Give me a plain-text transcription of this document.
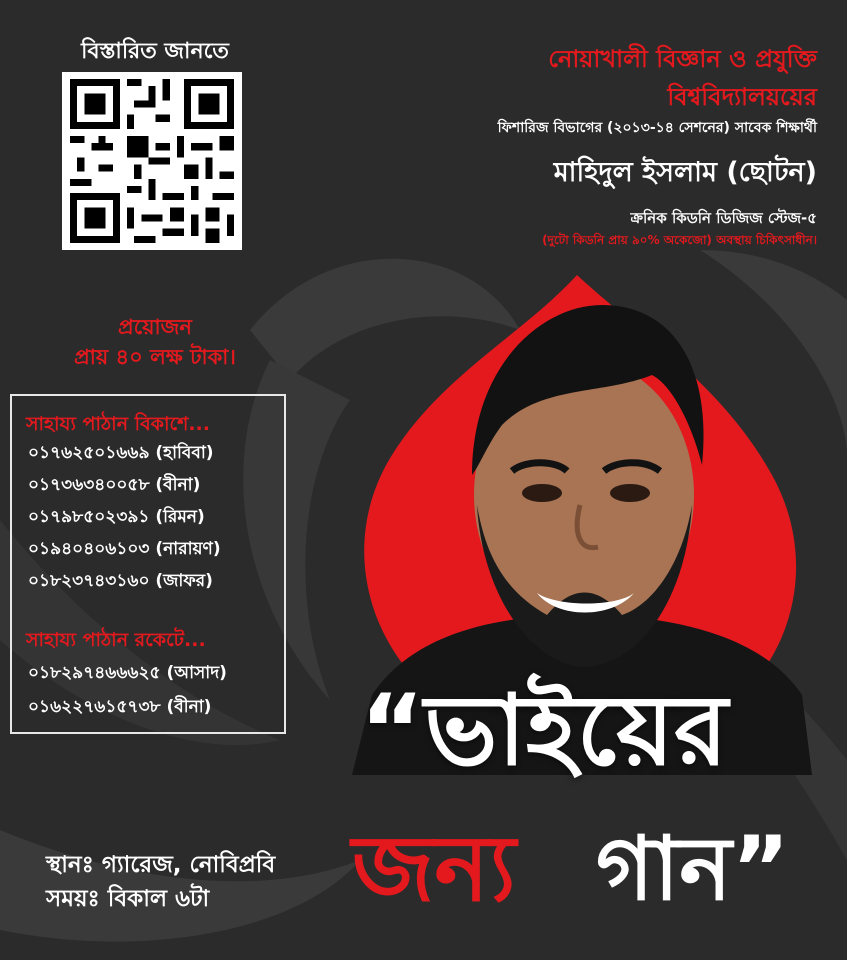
বিস্তারিত জানতে	নোয়াখালী বিজ্ঞান ও প্রযুক্তি
বিশ্ববিদ্যালয়য়ের
ফিশারিজ বিভাগের (২০১৩-১৪ সেশনের) সাবেক শিক্ষার্থী
মাহিদুল ইসলাম (ছোটন)
ক্রনিক কিডনি ডিজিজ স্টেজ-৫
(দুটো কিডনি প্রায় ৯০% অকেজো) অবস্থায় চিকিৎসাধীন।
প্রয়োজন
প্রায় ৪০ লক্ষ টাকা।
সাহায্য পাঠান বিকাশে...
০১৭৬২৫০১৬৬৯ (হাবিবা)
০১৭৩৬৩৪০০৫৮ (বীনা)
০১৭৯৮৫০২৩৯১ (রিমন)
০১৯৪০৪০৬১০৩ (নারায়ণ)
০১৮২৩৭৪৩১৬০ (জাফর)
সাহায্য পাঠান রকেটে...
০১৮২৯৭৪৬৬৬২৫ (আসাদ)
০১৬২২৭৬১৫৭৩৮ (বীনা) “ভাইয়ের
জন্য গান”
স্থানঃ গ্যারেজ, নোবিপ্রবি
সময়ঃ বিকাল ৬টা
